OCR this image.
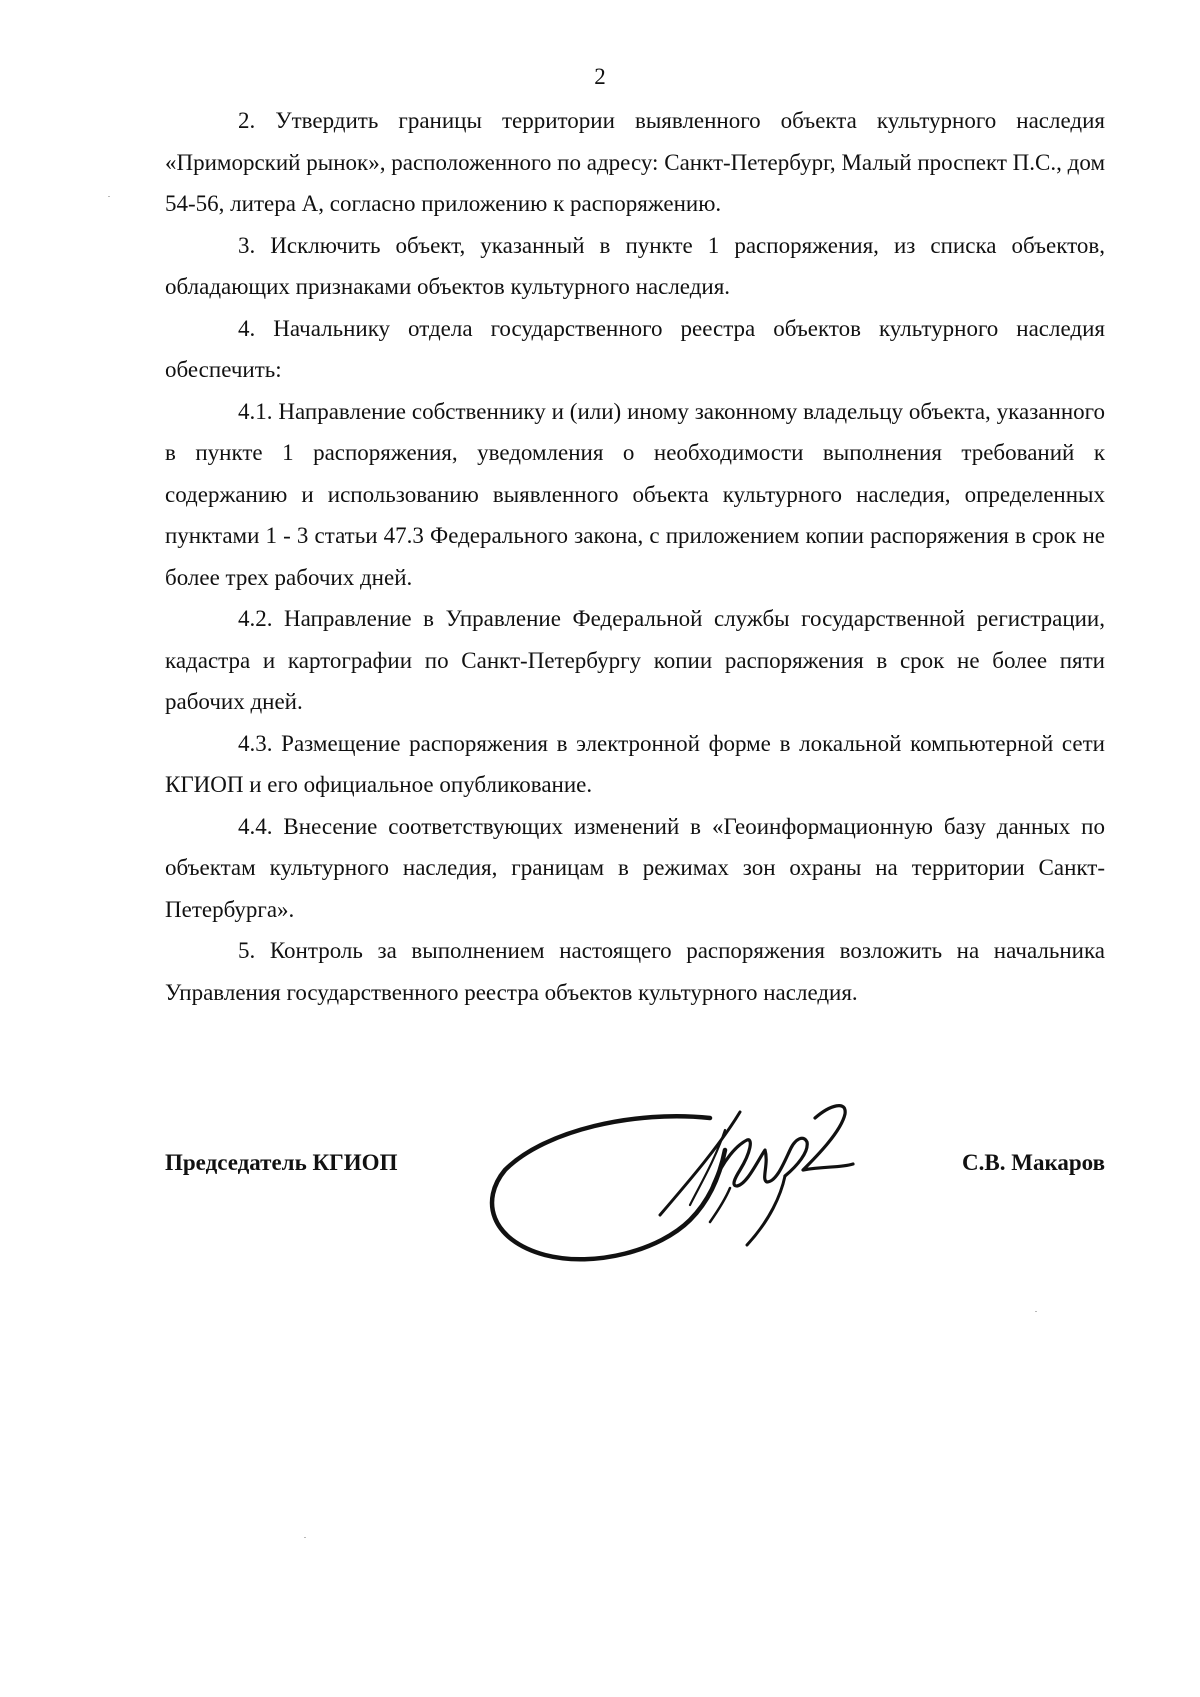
2

2. Утвердить границы территории выявленного объекта культурного наследия «Приморский рынок», расположенного по адресу: Санкт-Петербург, Малый проспект П.С., дом 54-56, литера А, согласно приложению к распоряжению.

3. Исключить объект, указанный в пункте 1 распоряжения, из списка объектов, обладающих признаками объектов культурного наследия.

4. Начальнику отдела государственного реестра объектов культурного наследия обеспечить:

4.1. Направление собственнику и (или) иному законному владельцу объекта, указанного в пункте 1 распоряжения, уведомления о необходимости выполнения требований к содержанию и использованию выявленного объекта культурного наследия, определенных пунктами 1 - 3 статьи 47.3 Федерального закона, с приложением копии распоряжения в срок не более трех рабочих дней.

4.2. Направление в Управление Федеральной службы государственной регистрации, кадастра и картографии по Санкт-Петербургу копии распоряжения в срок не более пяти рабочих дней.

4.3. Размещение распоряжения в электронной форме в локальной компьютерной сети КГИОП и его официальное опубликование.

4.4. Внесение соответствующих изменений в «Геоинформационную базу данных по объектам культурного наследия, границам в режимах зон охраны на территории Санкт-Петербурга».

5. Контроль за выполнением настоящего распоряжения возложить на начальника Управления государственного реестра объектов культурного наследия.

Председатель КГИОП	С.В. Макаров
